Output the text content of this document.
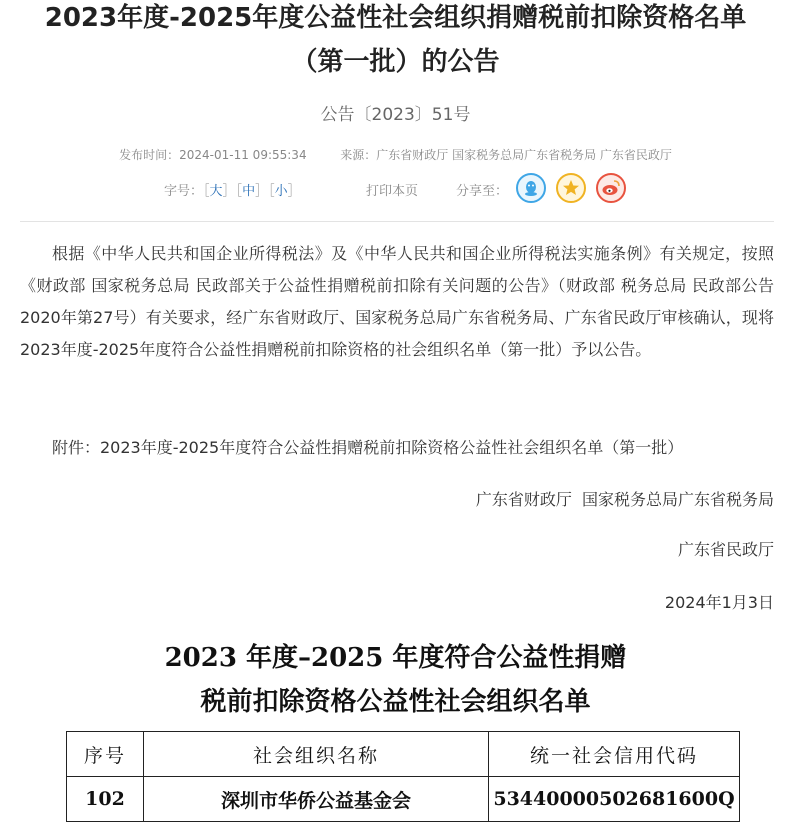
2023年度-2025年度公益性社会组织捐赠税前扣除资格名单
（第一批）的公告
公告〔2023〕51号
发布时间：2024-01-11 09:55:34	来源：广东省财政厅 国家税务总局广东省税务局 广东省民政厅
字号：［大］［中］［小］	打印本页	分享至：

根据《中华人民共和国企业所得税法》及《中华人民共和国企业所得税法实施条例》有关规定，按照《财政部 国家税务总局 民政部关于公益性捐赠税前扣除有关问题的公告》（财政部 税务总局 民政部公告2020年第27号）有关要求，经广东省财政厅、国家税务总局广东省税务局、广东省民政厅审核确认，现将2023年度-2025年度符合公益性捐赠税前扣除资格的社会组织名单（第一批）予以公告。

附件：2023年度-2025年度符合公益性捐赠税前扣除资格公益性社会组织名单（第一批）

广东省财政厅  国家税务总局广东省税务局
广东省民政厅
2024年1月3日
2023 年度–2025 年度符合公益性捐赠
税前扣除资格公益性社会组织名单
序号	社会组织名称	统一社会信用代码
102	深圳市华侨公益基金会	53440000502681600Q
